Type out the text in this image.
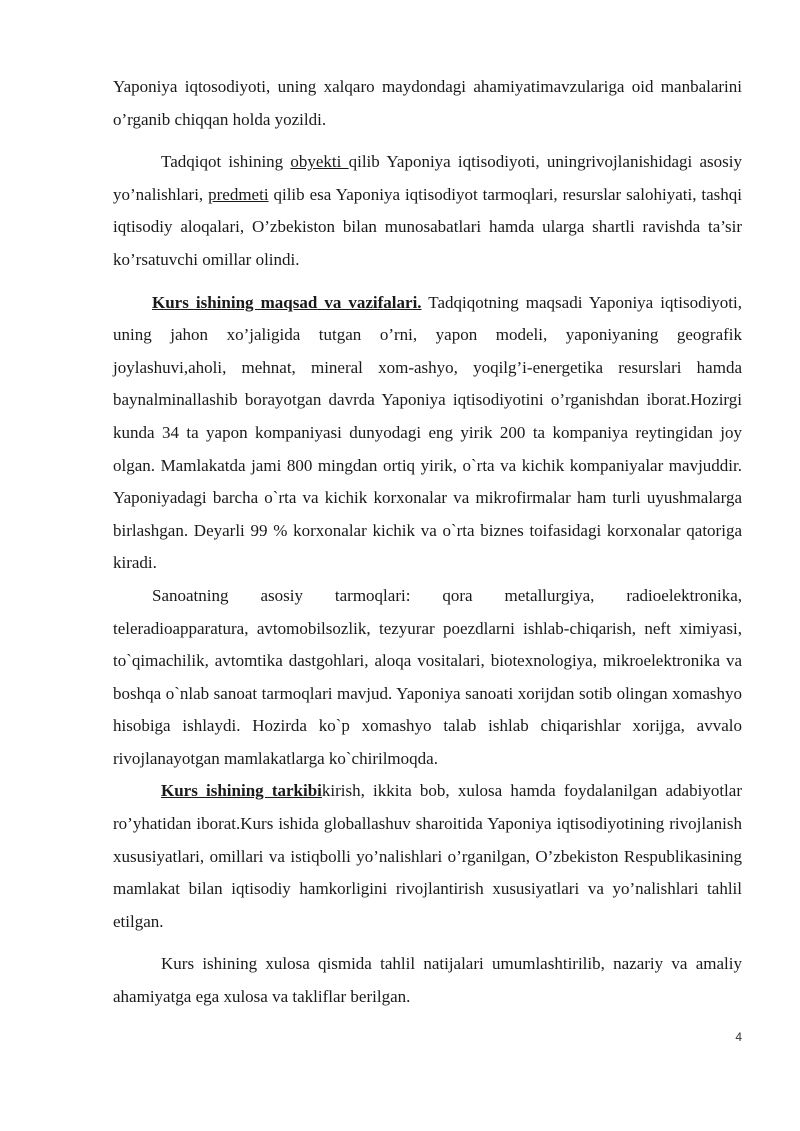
Yaponiya iqtosodiyoti, uning xalqaro maydondagi ahamiyatimavzulariga oid manbalarini o’rganib chiqqan holda yozildi.

Tadqiqot ishining obyekti qilib Yaponiya iqtisodiyoti, uningrivojlanishidagi asosiy yo’nalishlari, predmeti qilib esa Yaponiya iqtisodiyot tarmoqlari, resurslar salohiyati, tashqi iqtisodiy aloqalari, O’zbekiston bilan munosabatlari hamda ularga shartli ravishda ta’sir ko’rsatuvchi omillar olindi.

Kurs ishining maqsad va vazifalari. Tadqiqotning maqsadi Yaponiya iqtisodiyoti, uning jahon xo’jaligida tutgan o’rni, yapon modeli, yaponiyaning geografik joylashuvi,aholi, mehnat, mineral xom-ashyo, yoqilg’i-energetika resurslari hamda baynalminallashib borayotgan davrda Yaponiya iqtisodiyotini o’rganishdan iborat.Hozirgi kunda 34 ta yapon kompaniyasi dunyodagi eng yirik 200 ta kompaniya reytingidan joy olgan. Mamlakatda jami 800 mingdan ortiq yirik, o`rta va kichik kompaniyalar mavjuddir. Yaponiyadagi barcha o`rta va kichik korxonalar va mikrofirmalar ham turli uyushmalarga birlashgan. Deyarli 99 % korxonalar kichik va o`rta biznes toifasidagi korxonalar qatoriga kiradi.

Sanoatning asosiy tarmoqlari: qora metallurgiya, radioelektronika, teleradioapparatura, avtomobilsozlik, tezyurar poezdlarni ishlab-chiqarish, neft ximiyasi, to`qimachilik, avtomtika dastgohlari, aloqa vositalari, biotexnologiya, mikroelektronika va boshqa o`nlab sanoat tarmoqlari mavjud. Yaponiya sanoati xorijdan sotib olingan xomashyo hisobiga ishlaydi. Hozirda ko`p xomashyo talab ishlab chiqarishlar xorijga, avvalo rivojlanayotgan mamlakatlarga ko`chirilmoqda.

Kurs ishining tarkibikirish, ikkita bob, xulosa hamda foydalanilgan adabiyotlar ro’yhatidan iborat.Kurs ishida globallashuv sharoitida Yaponiya iqtisodiyotining rivojlanish xususiyatlari, omillari va istiqbolli yo’nalishlari o’rganilgan, O’zbekiston Respublikasining mamlakat bilan iqtisodiy hamkorligini rivojlantirish xususiyatlari va yo’nalishlari tahlil etilgan.

Kurs ishining xulosa qismida tahlil natijalari umumlashtirilib, nazariy va amaliy ahamiyatga ega xulosa va takliflar berilgan.

4
